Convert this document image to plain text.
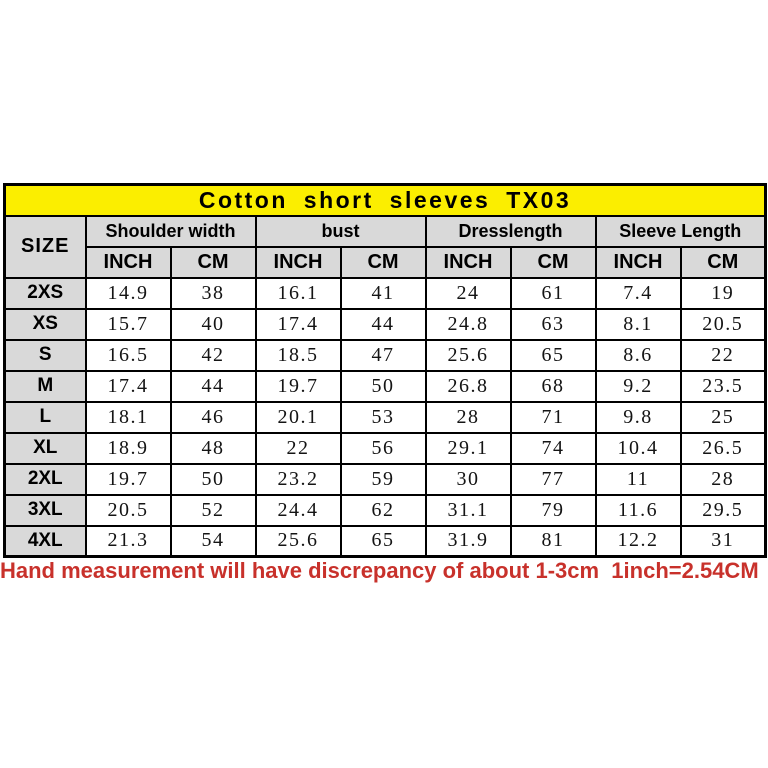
Cotton short sleeves TX03								
SIZE	Shoulder width		bust		Dresslength		Sleeve Length	
	INCH	CM	INCH	CM	INCH	CM	INCH	CM
2XS	14.9	38	16.1	41	24	61	7.4	19
XS	15.7	40	17.4	44	24.8	63	8.1	20.5
S	16.5	42	18.5	47	25.6	65	8.6	22
M	17.4	44	19.7	50	26.8	68	9.2	23.5
L	18.1	46	20.1	53	28	71	9.8	25
XL	18.9	48	22	56	29.1	74	10.4	26.5
2XL	19.7	50	23.2	59	30	77	11	28
3XL	20.5	52	24.4	62	31.1	79	11.6	29.5
4XL	21.3	54	25.6	65	31.9	81	12.2	31
Hand measurement will have discrepancy of about 1-3cm  1inch=2.54CM
